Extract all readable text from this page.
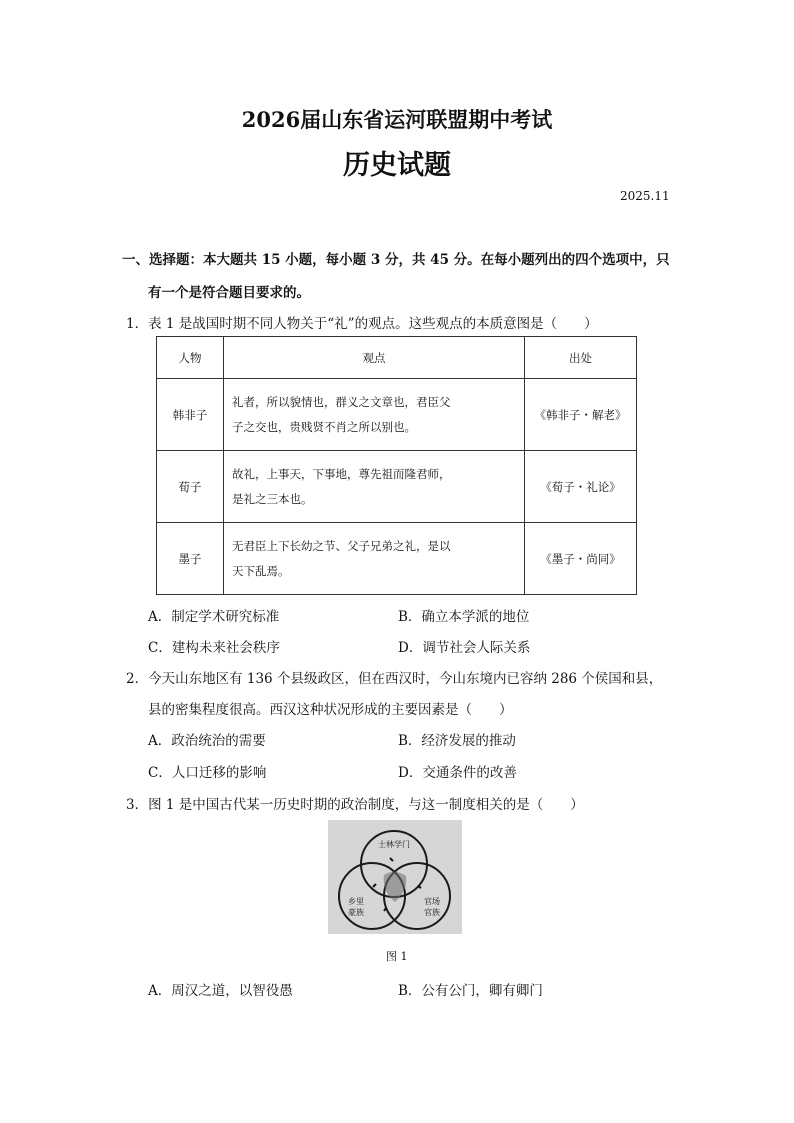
2026届山东省运河联盟期中考试
历史试题
2025.11
一、选择题：本大题共 15 小题，每小题 3 分，共 45 分。在每小题列出的四个选项中，只
有一个是符合题目要求的。
1．表 1 是战国时期不同人物关于“礼”的观点。这些观点的本质意图是（　　）
人物	观点	出处
韩非子	礼者，所以貌情也，群义之文章也，君臣父
子之交也，贵贱贤不肖之所以别也。	《韩非子・解老》
荀子	故礼，上事天，下事地，尊先祖而隆君师，
是礼之三本也。	《荀子・礼论》
墨子	无君臣上下长幼之节、父子兄弟之礼，是以
天下乱焉。	《墨子・尚同》
A．制定学术研究标准	B．确立本学派的地位
C．建构未来社会秩序	D．调节社会人际关系
2．今天山东地区有 136 个县级政区，但在西汉时，今山东境内已容纳 286 个侯国和县，
县的密集程度很高。西汉这种状况形成的主要因素是（　　）
A．政治统治的需要	B．经济发展的推动
C．人口迁移的影响	D．交通条件的改善
3．图 1 是中国古代某一历史时期的政治制度，与这一制度相关的是（　　）
士林学门
乡里
豪族
官场
官族
图 1
A．周汉之道，以智役愚	B．公有公门，卿有卿门
